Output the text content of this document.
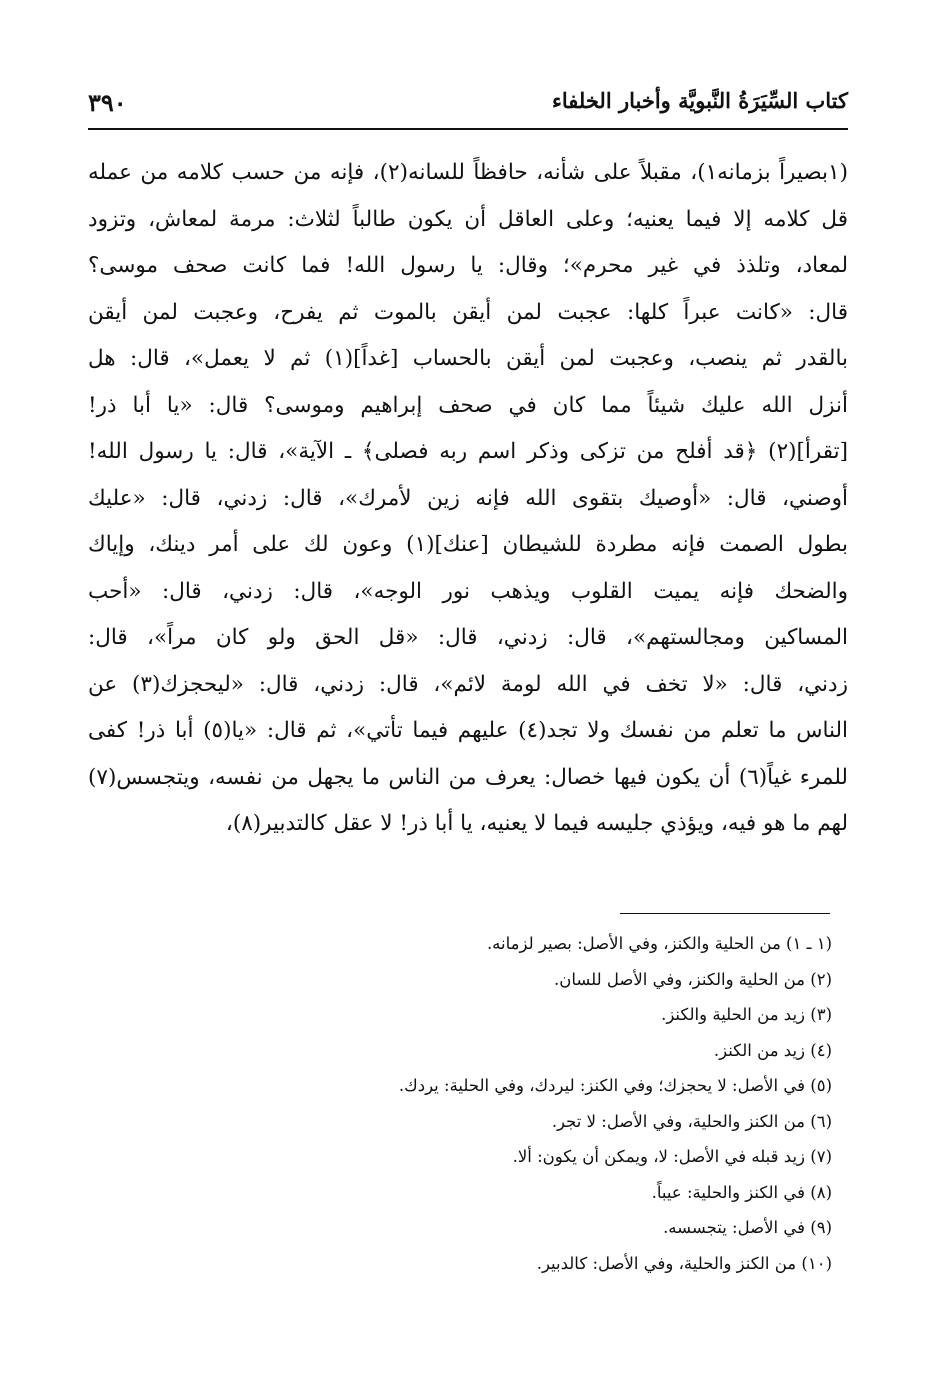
كتاب السِّيَرَةُ النَّبويَّة وأخبار الخلفاء
٣٩٠
(١بصيراً بزمانه١)، مقبلاً على شأنه، حافظاً للسانه(٢)، فإنه من حسب كلامه من عمله
قل كلامه إلا فيما يعنيه؛ وعلى العاقل أن يكون طالباً لثلاث: مرمة لمعاش، وتزود
لمعاد، وتلذذ في غير محرم»؛ وقال: يا رسول الله! فما كانت صحف موسى؟
قال: «كانت عبراً كلها: عجبت لمن أيقن بالموت ثم يفرح، وعجبت لمن أيقن
بالقدر ثم ينصب، وعجبت لمن أيقن بالحساب [غداً](١) ثم لا يعمل»، قال: هل
أنزل الله عليك شيئاً مما كان في صحف إبراهيم وموسى؟ قال: «يا أبا ذر!
[تقرأ](٢) ﴿قد أفلح من تزكى وذكر اسم ربه فصلى﴾ ـ الآية»، قال: يا رسول الله!
أوصني، قال: «أوصيك بتقوى الله فإنه زين لأمرك»، قال: زدني، قال: «عليك
بطول الصمت فإنه مطردة للشيطان [عنك](١) وعون لك على أمر دينك، وإياك
والضحك فإنه يميت القلوب ويذهب نور الوجه»، قال: زدني، قال: «أحب
المساكين ومجالستهم»، قال: زدني، قال: «قل الحق ولو كان مراً»، قال:
زدني، قال: «لا تخف في الله لومة لائم»، قال: زدني، قال: «ليحجزك(٣) عن
الناس ما تعلم من نفسك ولا تجد(٤) عليهم فيما تأتي»، ثم قال: «يا(٥) أبا ذر! كفى
للمرء غياً(٦) أن يكون فيها خصال: يعرف من الناس ما يجهل من نفسه، ويتجسس(٧)
لهم ما هو فيه، ويؤذي جليسه فيما لا يعنيه، يا أبا ذر! لا عقل كالتدبير(٨)،
(١ ـ ١) من الحلية والكنز، وفي الأصل: بصير لزمانه.
(٢) من الحلية والكنز، وفي الأصل للسان.
(٣) زيد من الحلية والكنز.
(٤) زيد من الكنز.
(٥) في الأصل: لا يحجزك؛ وفي الكنز: ليردك، وفي الحلية: يردك.
(٦) من الكنز والحلية، وفي الأصل: لا تجر.
(٧) زيد قبله في الأصل: لا، ويمكن أن يكون: ألا.
(٨) في الكنز والحلية: عيباً.
(٩) في الأصل: يتجسسه.
(١٠) من الكنز والحلية، وفي الأصل: كالدبير.
